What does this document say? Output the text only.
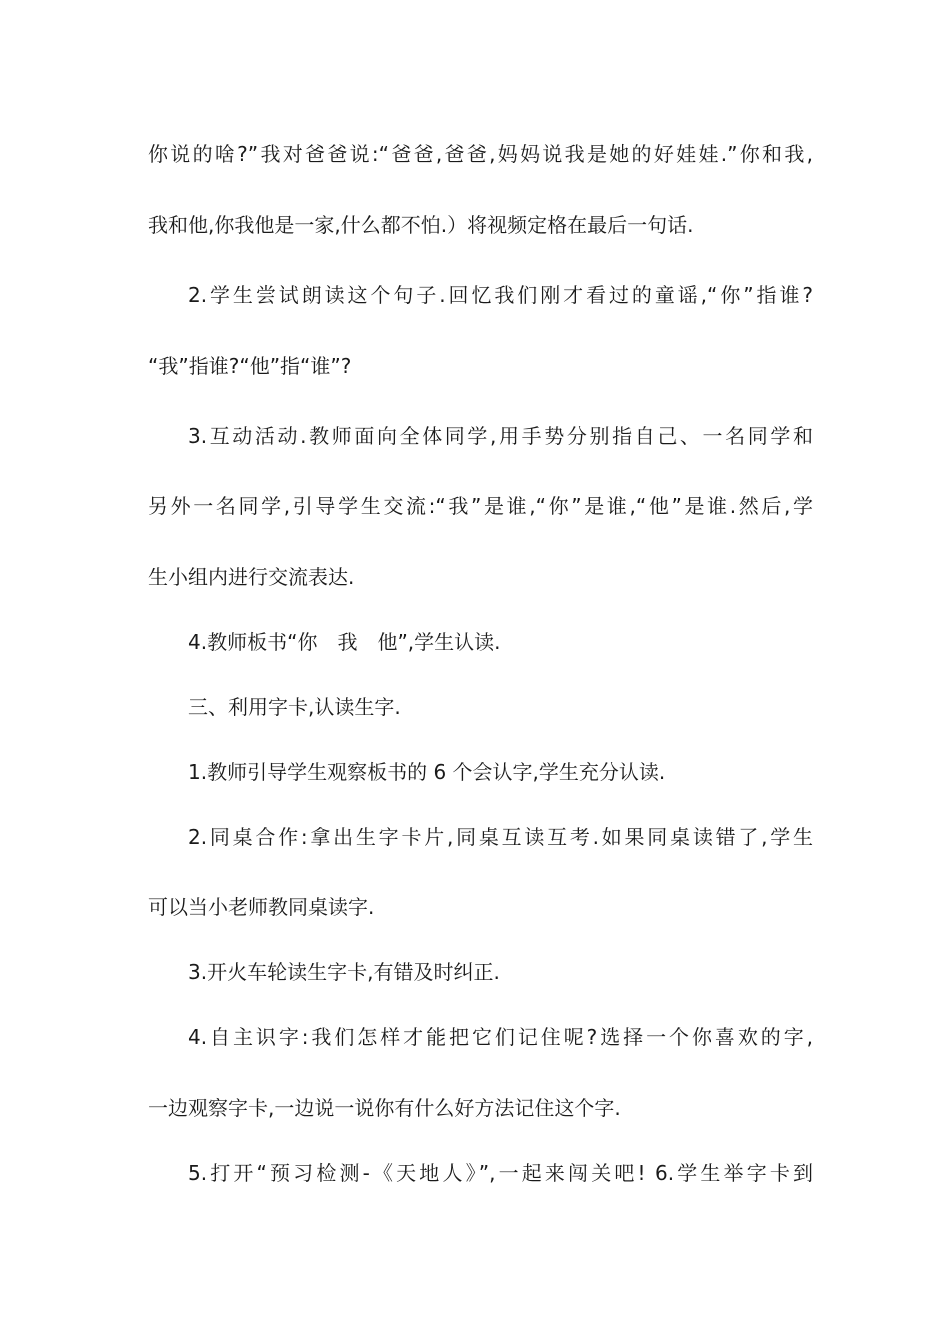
你说的啥?”我对爸爸说:“爸爸,爸爸,妈妈说我是她的好娃娃.”你和我,
我和他,你我他是一家,什么都不怕.）将视频定格在最后一句话.
2.学生尝试朗读这个句子.回忆我们刚才看过的童谣,“你”指谁?
“我”指谁?“他”指“谁”?
3.互动活动.教师面向全体同学,用手势分别指自己、一名同学和
另外一名同学,引导学生交流:“我”是谁,“你”是谁,“他”是谁.然后,学
生小组内进行交流表达.
4.教师板书“你　我　他”,学生认读.
三、利用字卡,认读生字.
1.教师引导学生观察板书的 6 个会认字,学生充分认读.
2.同桌合作:拿出生字卡片,同桌互读互考.如果同桌读错了,学生
可以当小老师教同桌读字.
3.开火车轮读生字卡,有错及时纠正.
4.自主识字:我们怎样才能把它们记住呢?选择一个你喜欢的字,
一边观察字卡,一边说一说你有什么好方法记住这个字.
5.打开“预习检测-《天地人》”,一起来闯关吧! 6.学生举字卡到
